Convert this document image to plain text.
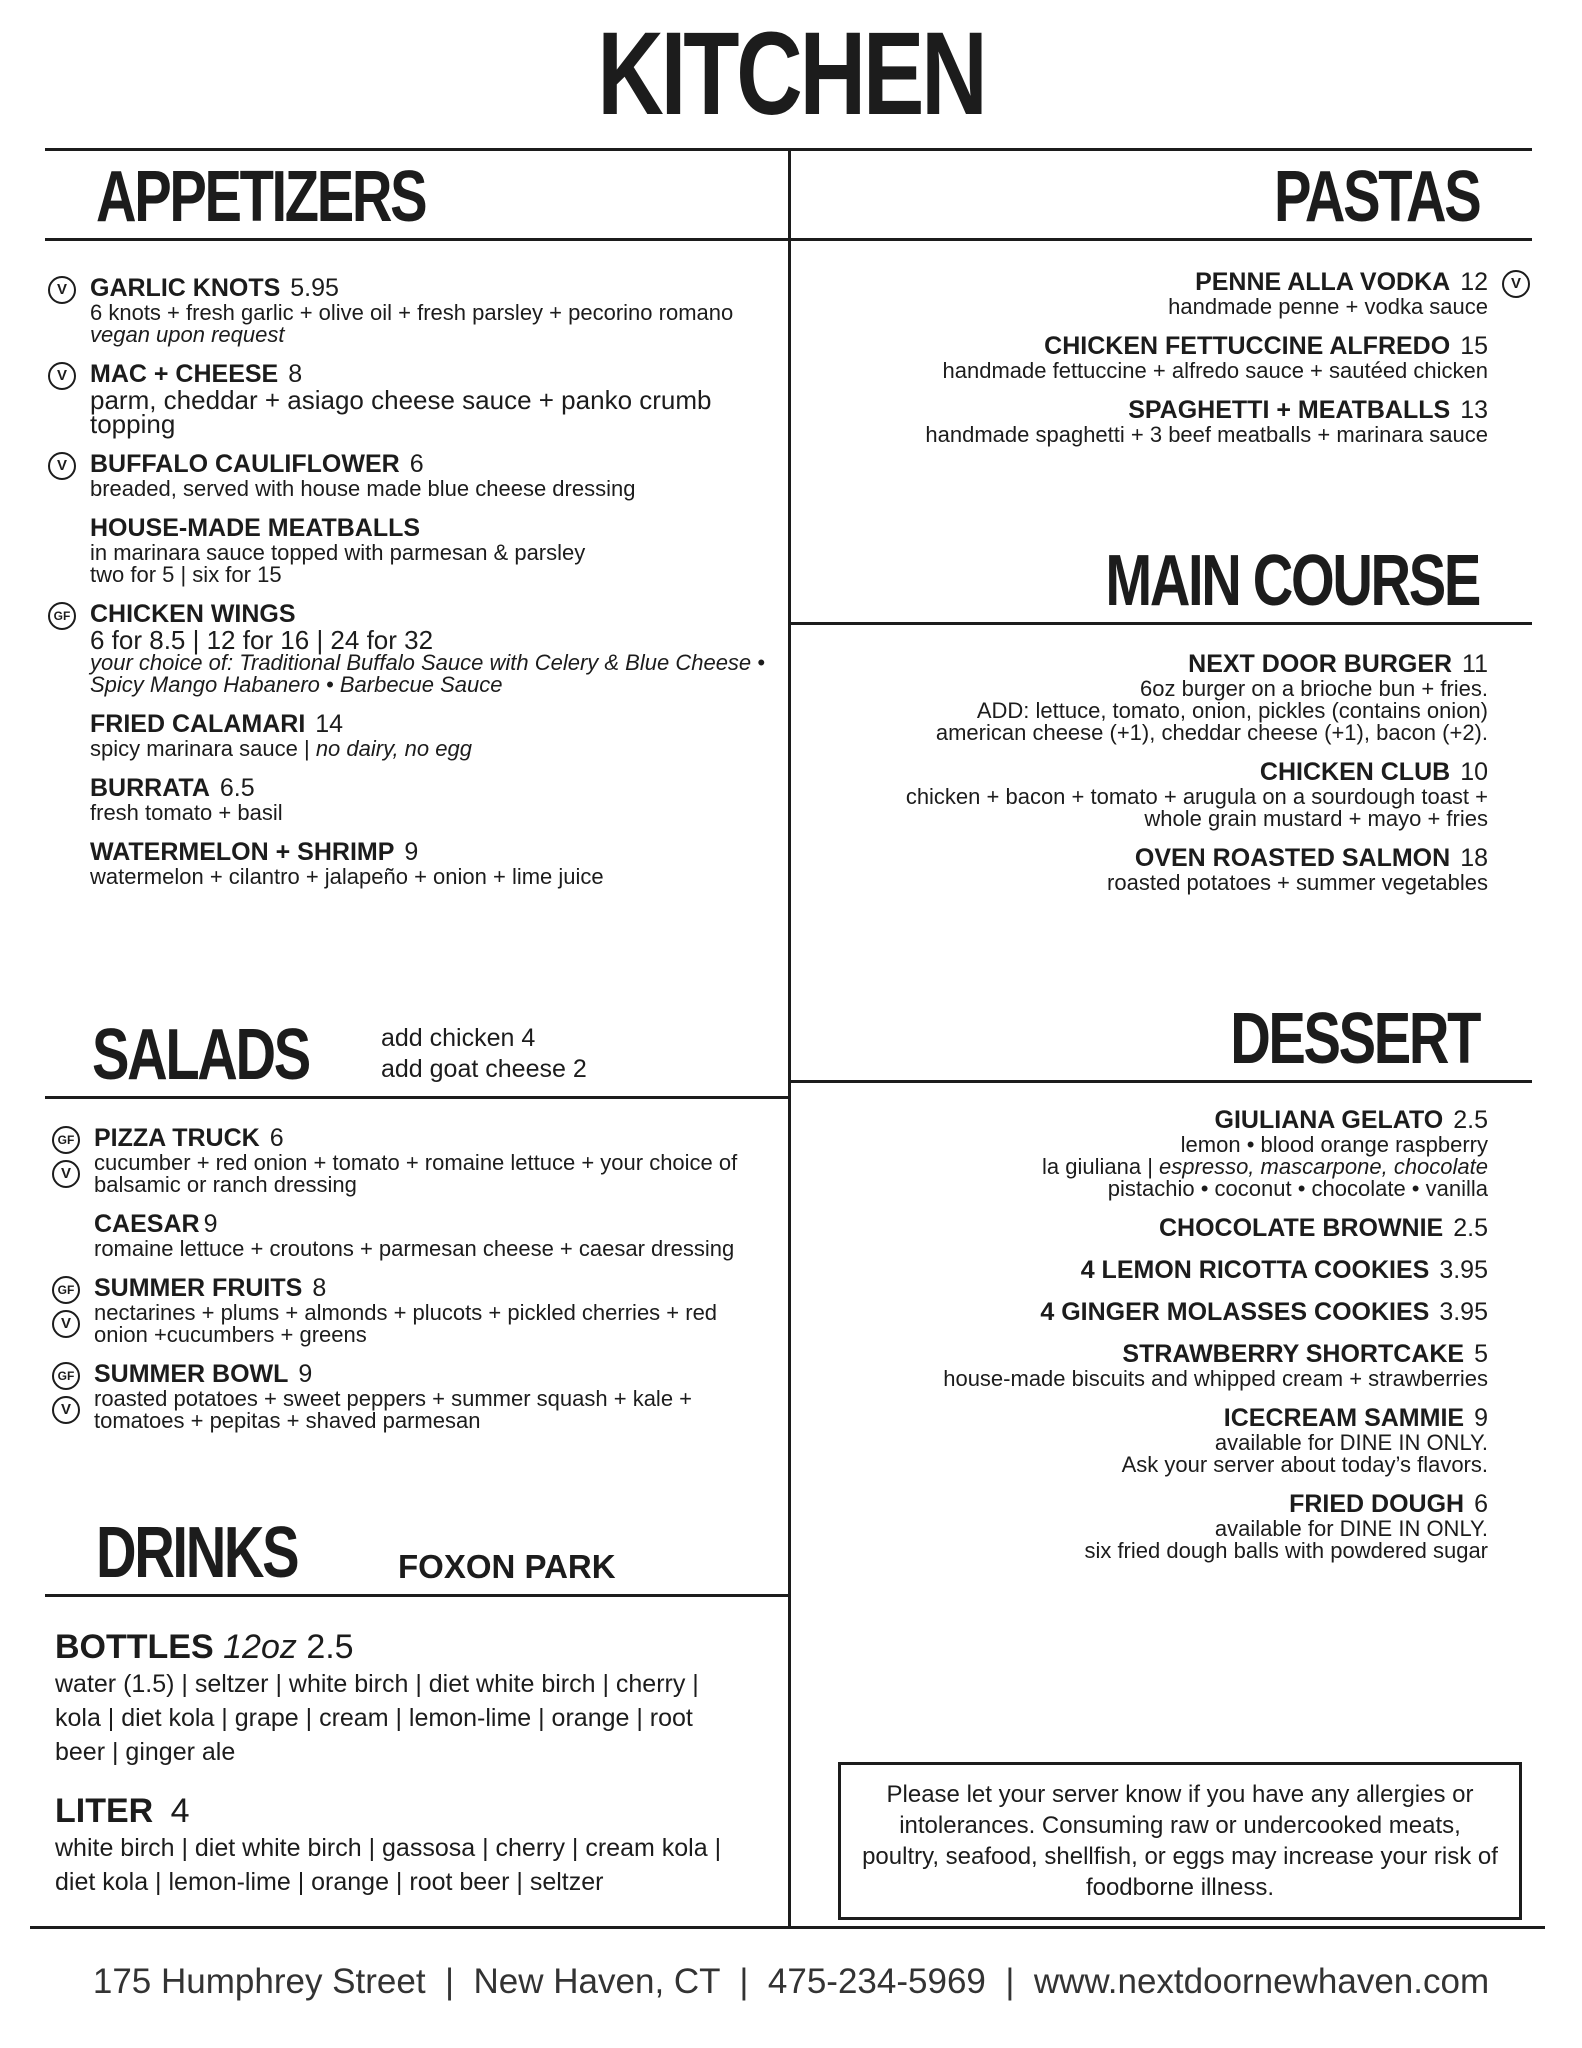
KITCHEN
APPETIZERS	PASTAS
MAIN COURSE
DESSERT
SALADS
DRINKS
add chicken 4
add goat cheese 2
FOXON PARK
V GARLIC KNOTS 5.95
6 knots + fresh garlic + olive oil + fresh parsley + pecorino romano
vegan upon request
V MAC + CHEESE 8
parm, cheddar + asiago cheese sauce + panko crumb topping
V BUFFALO CAULIFLOWER 6
breaded, served with house made blue cheese dressing
HOUSE-MADE MEATBALLS
in marinara sauce topped with parmesan & parsley
two for 5 | six for 15
GF CHICKEN WINGS
6 for 8.5 | 12 for 16 | 24 for 32
your choice of: Traditional Buffalo Sauce with Celery & Blue Cheese • Spicy Mango Habanero • Barbecue Sauce
FRIED CALAMARI 14
spicy marinara sauce | no dairy, no egg
BURRATA 6.5
fresh tomato + basil
WATERMELON + SHRIMP 9
watermelon + cilantro + jalapeño + onion + lime juice
GF
V
PIZZA TRUCK 6
cucumber + red onion + tomato + romaine lettuce + your choice of balsamic or ranch dressing
CAESAR 9
romaine lettuce + croutons + parmesan cheese + caesar dressing
GF
V
SUMMER FRUITS 8
nectarines + plums + almonds + plucots + pickled cherries + red onion +cucumbers + greens
GF
V
SUMMER BOWL 9
roasted potatoes + sweet peppers + summer squash + kale + tomatoes + pepitas + shaved parmesan
V
PENNE ALLA VODKA 12
handmade penne + vodka sauce
CHICKEN FETTUCCINE ALFREDO 15
handmade fettuccine + alfredo sauce + sautéed chicken
SPAGHETTI + MEATBALLS 13
handmade spaghetti + 3 beef meatballs + marinara sauce
NEXT DOOR BURGER 11
6oz burger on a brioche bun + fries.
ADD: lettuce, tomato, onion, pickles (contains onion)
american cheese (+1), cheddar cheese (+1), bacon (+2).
CHICKEN CLUB 10
chicken + bacon + tomato + arugula on a sourdough toast +
whole grain mustard + mayo + fries
OVEN ROASTED SALMON 18
roasted potatoes + summer vegetables
GIULIANA GELATO 2.5
lemon • blood orange raspberry
la giuliana | espresso, mascarpone, chocolate
pistachio • coconut • chocolate • vanilla
CHOCOLATE BROWNIE 2.5
4 LEMON RICOTTA COOKIES 3.95
4 GINGER MOLASSES COOKIES 3.95
STRAWBERRY SHORTCAKE 5
house-made biscuits and whipped cream + strawberries
ICECREAM SAMMIE 9
available for DINE IN ONLY.
Ask your server about today’s flavors.
FRIED DOUGH 6
available for DINE IN ONLY.
six fried dough balls with powdered sugar
BOTTLES 12oz 2.5
water (1.5) | seltzer | white birch | diet white birch | cherry | kola | diet kola | grape | cream | lemon-lime | orange | root beer | ginger ale
LITER 4
white birch | diet white birch | gassosa | cherry | cream kola | diet kola | lemon-lime | orange | root beer | seltzer
Please let your server know if you have any allergies or intolerances. Consuming raw or undercooked meats, poultry, seafood, shellfish, or eggs may increase your risk of foodborne illness.
175 Humphrey Street  |  New Haven, CT  |  475-234-5969  |  www.nextdoornewhaven.com
